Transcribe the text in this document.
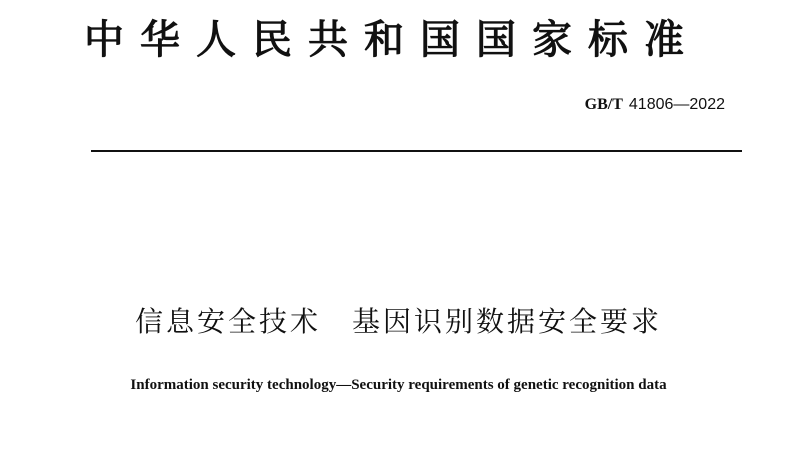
中华人民共和国国家标准
GB/T 41806—2022
信息安全技术　基因识别数据安全要求
Information security technology—Security requirements of genetic recognition data
